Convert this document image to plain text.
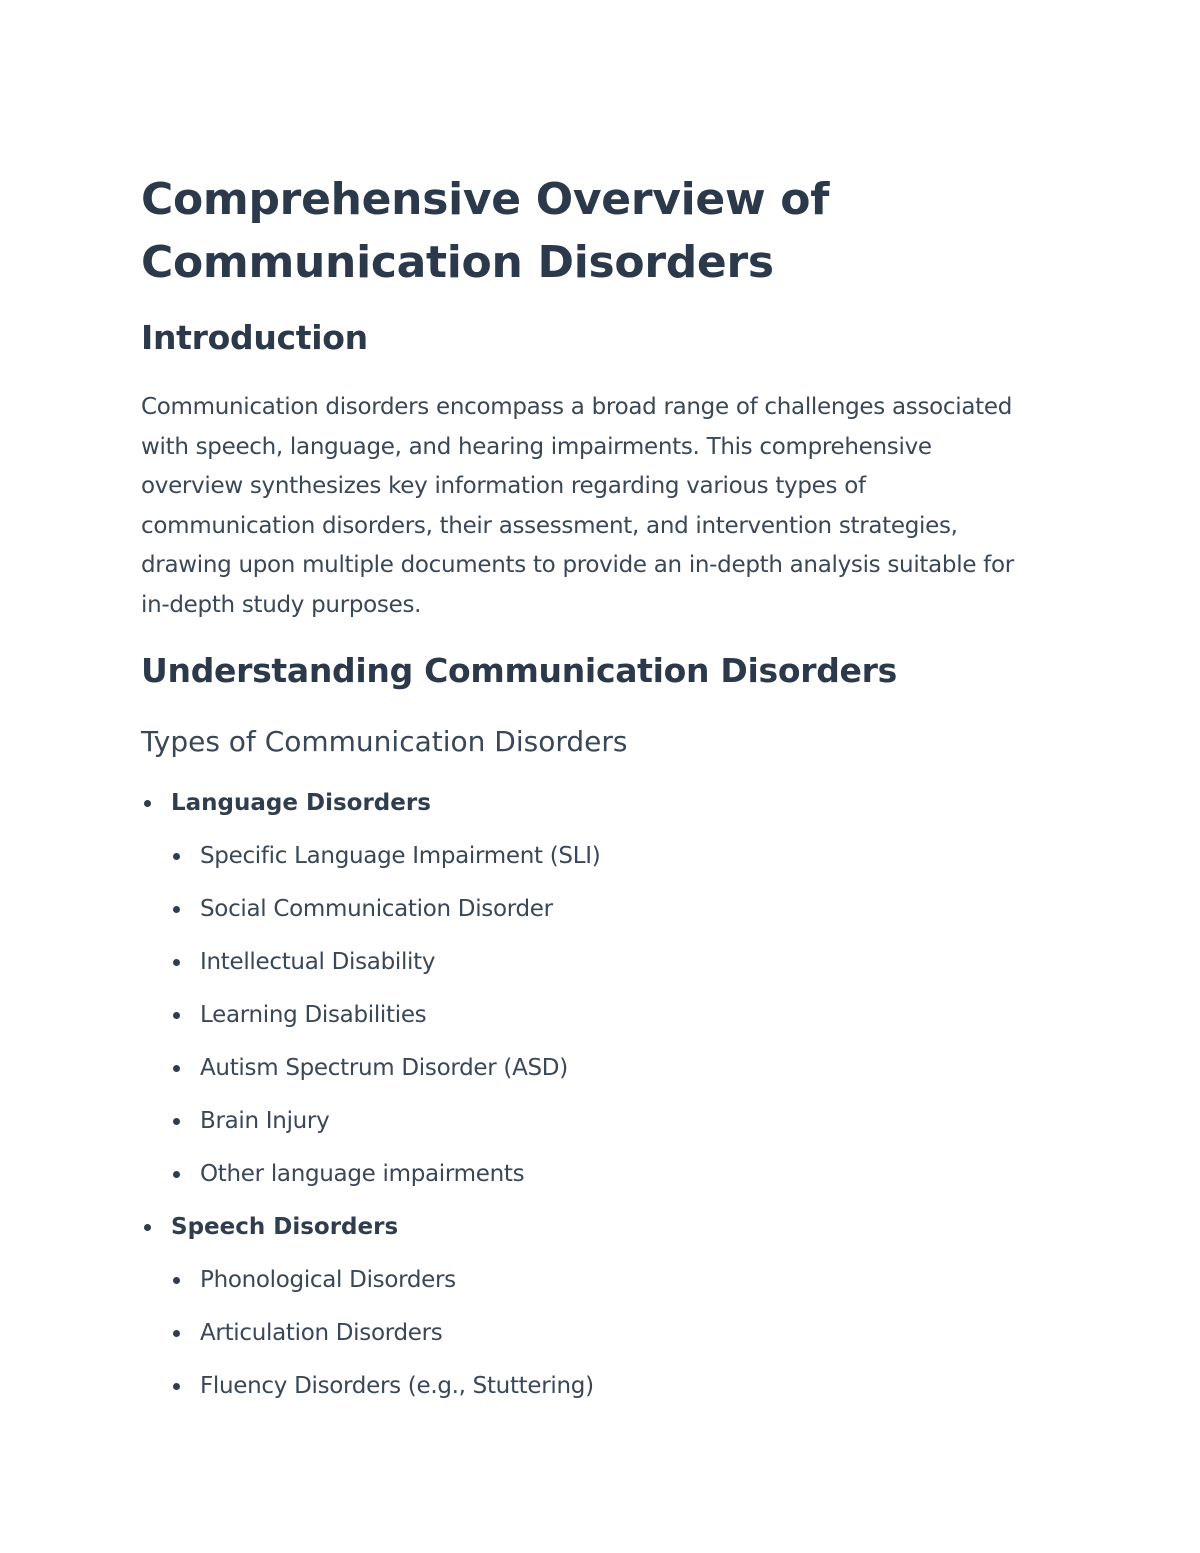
Comprehensive Overview of Communication Disorders
Introduction

Communication disorders encompass a broad range of challenges associated with speech, language, and hearing impairments. This comprehensive overview synthesizes key information regarding various types of communication disorders, their assessment, and intervention strategies, drawing upon multiple documents to provide an in-depth analysis suitable for in-depth study purposes.

Understanding Communication Disorders
Types of Communication Disorders
Language Disorders
Specific Language Impairment (SLI)
Social Communication Disorder
Intellectual Disability
Learning Disabilities
Autism Spectrum Disorder (ASD)
Brain Injury
Other language impairments
Speech Disorders
Phonological Disorders
Articulation Disorders
Fluency Disorders (e.g., Stuttering)
